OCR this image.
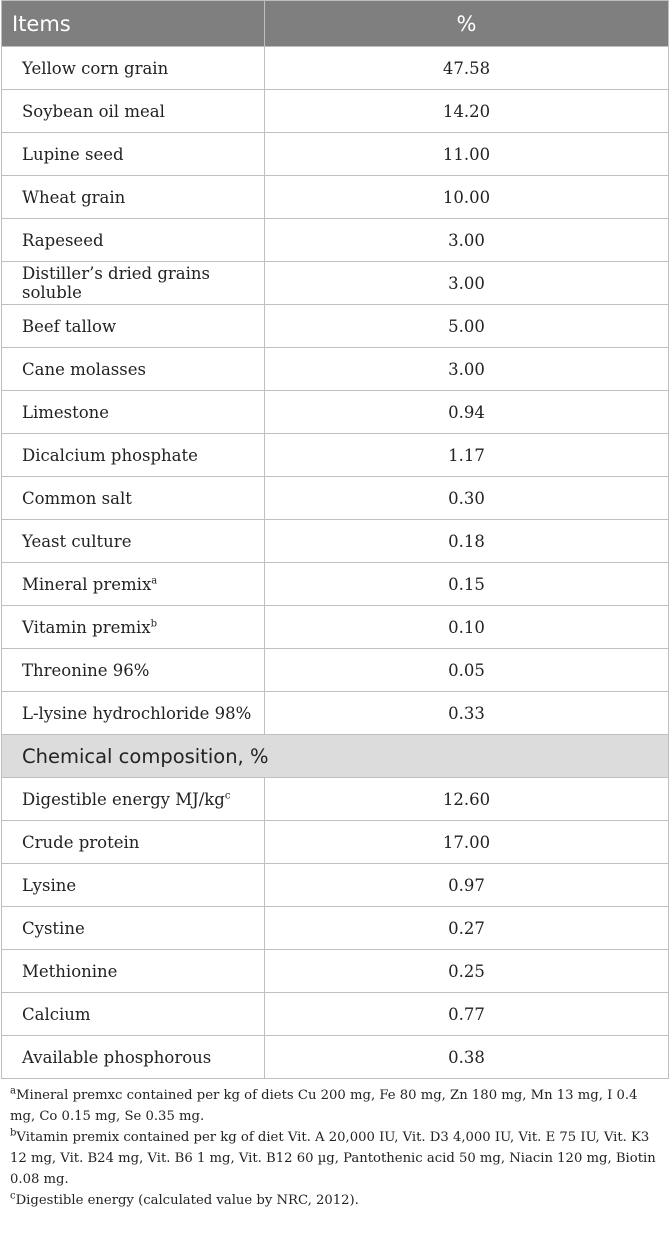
Items	%
Yellow corn grain	47.58
Soybean oil meal	14.20
Lupine seed	11.00
Wheat grain	10.00
Rapeseed	3.00
Distiller’s dried grains soluble	3.00
Beef tallow	5.00
Cane molasses	3.00
Limestone	0.94
Dicalcium phosphate	1.17
Common salt	0.30
Yeast culture	0.18
Mineral premix$^a$	0.15
Vitamin premix$^b$	0.10
Threonine 96%	0.05
L-lysine hydrochloride 98%	0.33
Chemical composition, %	
Digestible energy $MJ/kg^c$	12.60
Crude protein	17.00
Lysine	0.97
Cystine	0.27
Methionine	0.25
Calcium	0.77
Available phosphorous	0.38

$^a$Mineral premxc contained per kg of diets Cu 200 mg, Fe 80 mg, Zn 180 mg, Mn 13 mg, I 0.4 mg, Co 0.15 mg, Se 0.35 mg.

$^b$Vitamin premix contained per kg of diet Vit. A 20,000 IU, Vit. D3 4,000 IU, Vit. E 75 IU, Vit. K3 12 mg, Vit. B24 mg, Vit. B6 1 mg, Vit. B12 60 µg, Pantothenic acid 50 mg, Niacin 120 mg, Biotin 0.08 mg.

$^c$Digestible energy (calculated value by NRC, 2012).
